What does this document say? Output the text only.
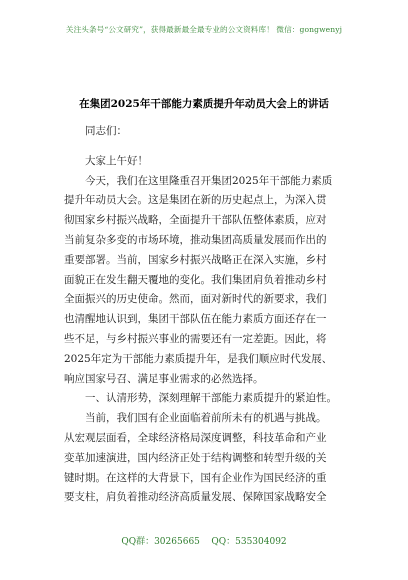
关注头条号“公文研究”，获得最新最全最专业的公文资料库！ 微信：gongwenyj
在集团2025年干部能力素质提升年动员大会上的讲话
同志们：
大家上午好！
今天，我们在这里隆重召开集团2025年干部能力素质
提升年动员大会。这是集团在新的历史起点上，为深入贯
彻国家乡村振兴战略，全面提升干部队伍整体素质，应对
当前复杂多变的市场环境，推动集团高质量发展而作出的
重要部署。当前，国家乡村振兴战略正在深入实施，乡村
面貌正在发生翻天覆地的变化。我们集团肩负着推动乡村
全面振兴的历史使命。然而，面对新时代的新要求，我们
也清醒地认识到，集团干部队伍在能力素质方面还存在一
些不足，与乡村振兴事业的需要还有一定差距。因此，将
2025年定为干部能力素质提升年，是我们顺应时代发展、
响应国家号召、满足事业需求的必然选择。
一、认清形势，深刻理解干部能力素质提升的紧迫性。
当前，我们国有企业面临着前所未有的机遇与挑战。
从宏观层面看，全球经济格局深度调整，科技革命和产业
变革加速演进，国内经济正处于结构调整和转型升级的关
键时期。在这样的大背景下，国有企业作为国民经济的重
要支柱，肩负着推动经济高质量发展、保障国家战略安全
QQ群：30265665 QQ：535304092
